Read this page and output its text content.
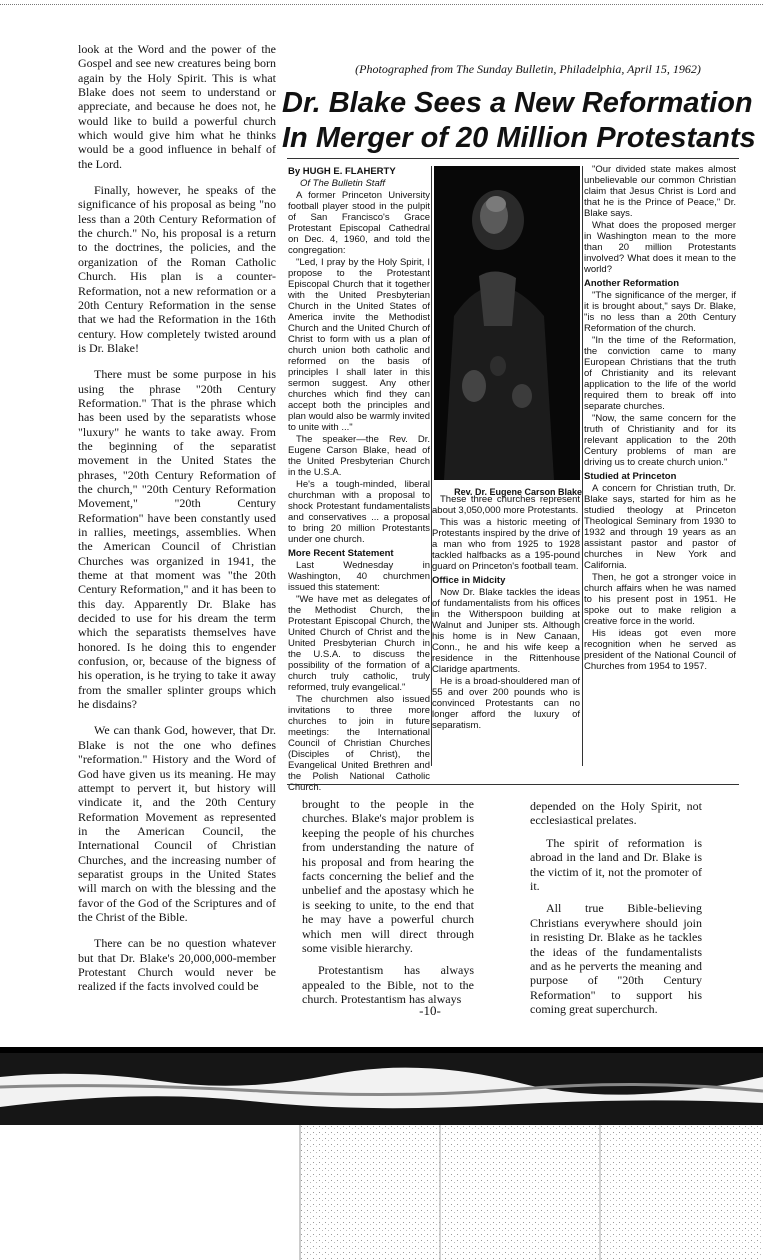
look at the Word and the power of the Gospel and see new creatures being born again by the Holy Spirit. This is what Blake does not seem to understand or appreciate, and because he does not, he would like to build a powerful church which would give him what he thinks would be a good influence in behalf of the Lord.

Finally, however, he speaks of the significance of his proposal as being "no less than a 20th Century Reformation of the church." No, his proposal is a return to the doctrines, the policies, and the organization of the Roman Catholic Church. His plan is a counter-Reformation, not a new reformation or a 20th Century Reformation in the sense that we had the Reformation in the 16th century. How completely twisted around is Dr. Blake!

There must be some purpose in his using the phrase "20th Century Reformation." That is the phrase which has been used by the separatists whose "luxury" he wants to take away. From the beginning of the separatist movement in the United States the phrases, "20th Century Reformation of the church," "20th Century Reformation Movement," "20th Century Reformation" have been constantly used in rallies, meetings, assemblies. When the American Council of Christian Churches was organized in 1941, the theme at that moment was "the 20th Century Reformation," and it has been to this day. Apparently Dr. Blake has decided to use for his dream the term which the separatists themselves have honored. Is he doing this to engender confusion, or, because of the bigness of his operation, is he trying to take it away from the smaller splinter groups which he disdains?

We can thank God, however, that Dr. Blake is not the one who defines "reformation." History and the Word of God have given us its meaning. He may attempt to pervert it, but history will vindicate it, and the 20th Century Reformation Movement as represented in the American Council, the International Council of Christian Churches, and the increasing number of separatist groups in the United States will march on with the blessing and the favor of the God of the Scriptures and of the Christ of the Bible.

There can be no question whatever but that Dr. Blake's 20,000,000-member Protestant Church would never be realized if the facts involved could be

(Photographed from The Sunday Bulletin, Philadelphia, April 15, 1962)
Dr. Blake Sees a New Reformation
In Merger of 20 Million Protestants

By HUGH E. FLAHERTY

Of The Bulletin Staff

A former Princeton University football player stood in the pulpit of San Francisco's Grace Protestant Episcopal Cathedral on Dec. 4, 1960, and told the congregation:

"Led, I pray by the Holy Spirit, I propose to the Protestant Episcopal Church that it together with the United Presbyterian Church in the United States of America invite the Methodist Church and the United Church of Christ to form with us a plan of church union both catholic and reformed on the basis of principles I shall later in this sermon suggest. Any other churches which find they can accept both the principles and plan would also be warmly invited to unite with ..."

The speaker—the Rev. Dr. Eugene Carson Blake, head of the United Presbyterian Church in the U.S.A.

He's a tough-minded, liberal churchman with a proposal to shock Protestant fundamentalists and conservatives ... a proposal to bring 20 million Protestants under one church.

More Recent Statement

Last Wednesday in Washington, 40 churchmen issued this statement:

"We have met as delegates of the Methodist Church, the Protestant Episcopal Church, the United Church of Christ and the United Presbyterian Church in the U.S.A. to discuss the possibility of the formation of a church truly catholic, truly reformed, truly evangelical."

The churchmen also issued invitations to three more churches to join in future meetings: the International Council of Christian Churches (Disciples of Christ), the Evangelical United Brethren and the Polish National Catholic Church.

Rev. Dr. Eugene Carson Blake

These three churches represent about 3,050,000 more Protestants.

This was a historic meeting of Protestants inspired by the drive of a man who from 1925 to 1928 tackled halfbacks as a 195-pound guard on Princeton's football team.

Office in Midcity

Now Dr. Blake tackles the ideas of fundamentalists from his offices in the Witherspoon building at Walnut and Juniper sts. Although his home is in New Canaan, Conn., he and his wife keep a residence in the Rittenhouse Claridge apartments.

He is a broad-shouldered man of 55 and over 200 pounds who is convinced Protestants can no longer afford the luxury of separatism.

"Our divided state makes almost unbelievable our common Christian claim that Jesus Christ is Lord and that he is the Prince of Peace," Dr. Blake says.

What does the proposed merger in Washington mean to the more than 20 million Protestants involved? What does it mean to the world?

Another Reformation

"The significance of the merger, if it is brought about," says Dr. Blake, "is no less than a 20th Century Reformation of the church.

"In the time of the Reformation, the conviction came to many European Christians that the truth of Christianity and its relevant application to the life of the world required them to break off into separate churches.

"Now, the same concern for the truth of Christianity and for its relevant application to the 20th Century problems of man are driving us to create church union."

Studied at Princeton

A concern for Christian truth, Dr. Blake says, started for him as he studied theology at Princeton Theological Seminary from 1930 to 1932 and through 19 years as an assistant pastor and pastor of churches in New York and California.

Then, he got a stronger voice in church affairs when he was named to his present post in 1951. He spoke out to make religion a creative force in the world.

His ideas got even more recognition when he served as president of the National Council of Churches from 1954 to 1957.

brought to the people in the churches. Blake's major problem is keeping the people of his churches from understanding the nature of his proposal and from hearing the facts concerning the belief and the unbelief and the apostasy which he is seeking to unite, to the end that he may have a powerful church which men will direct through some visible hierarchy.

Protestantism has always appealed to the Bible, not to the church. Protestantism has always

depended on the Holy Spirit, not ecclesiastical prelates.

The spirit of reformation is abroad in the land and Dr. Blake is the victim of it, not the promoter of it.

All true Bible-believing Christians everywhere should join in resisting Dr. Blake as he tackles the ideas of the fundamentalists and as he perverts the meaning and purpose of "20th Century Reformation" to support his coming great superchurch.

-10-
